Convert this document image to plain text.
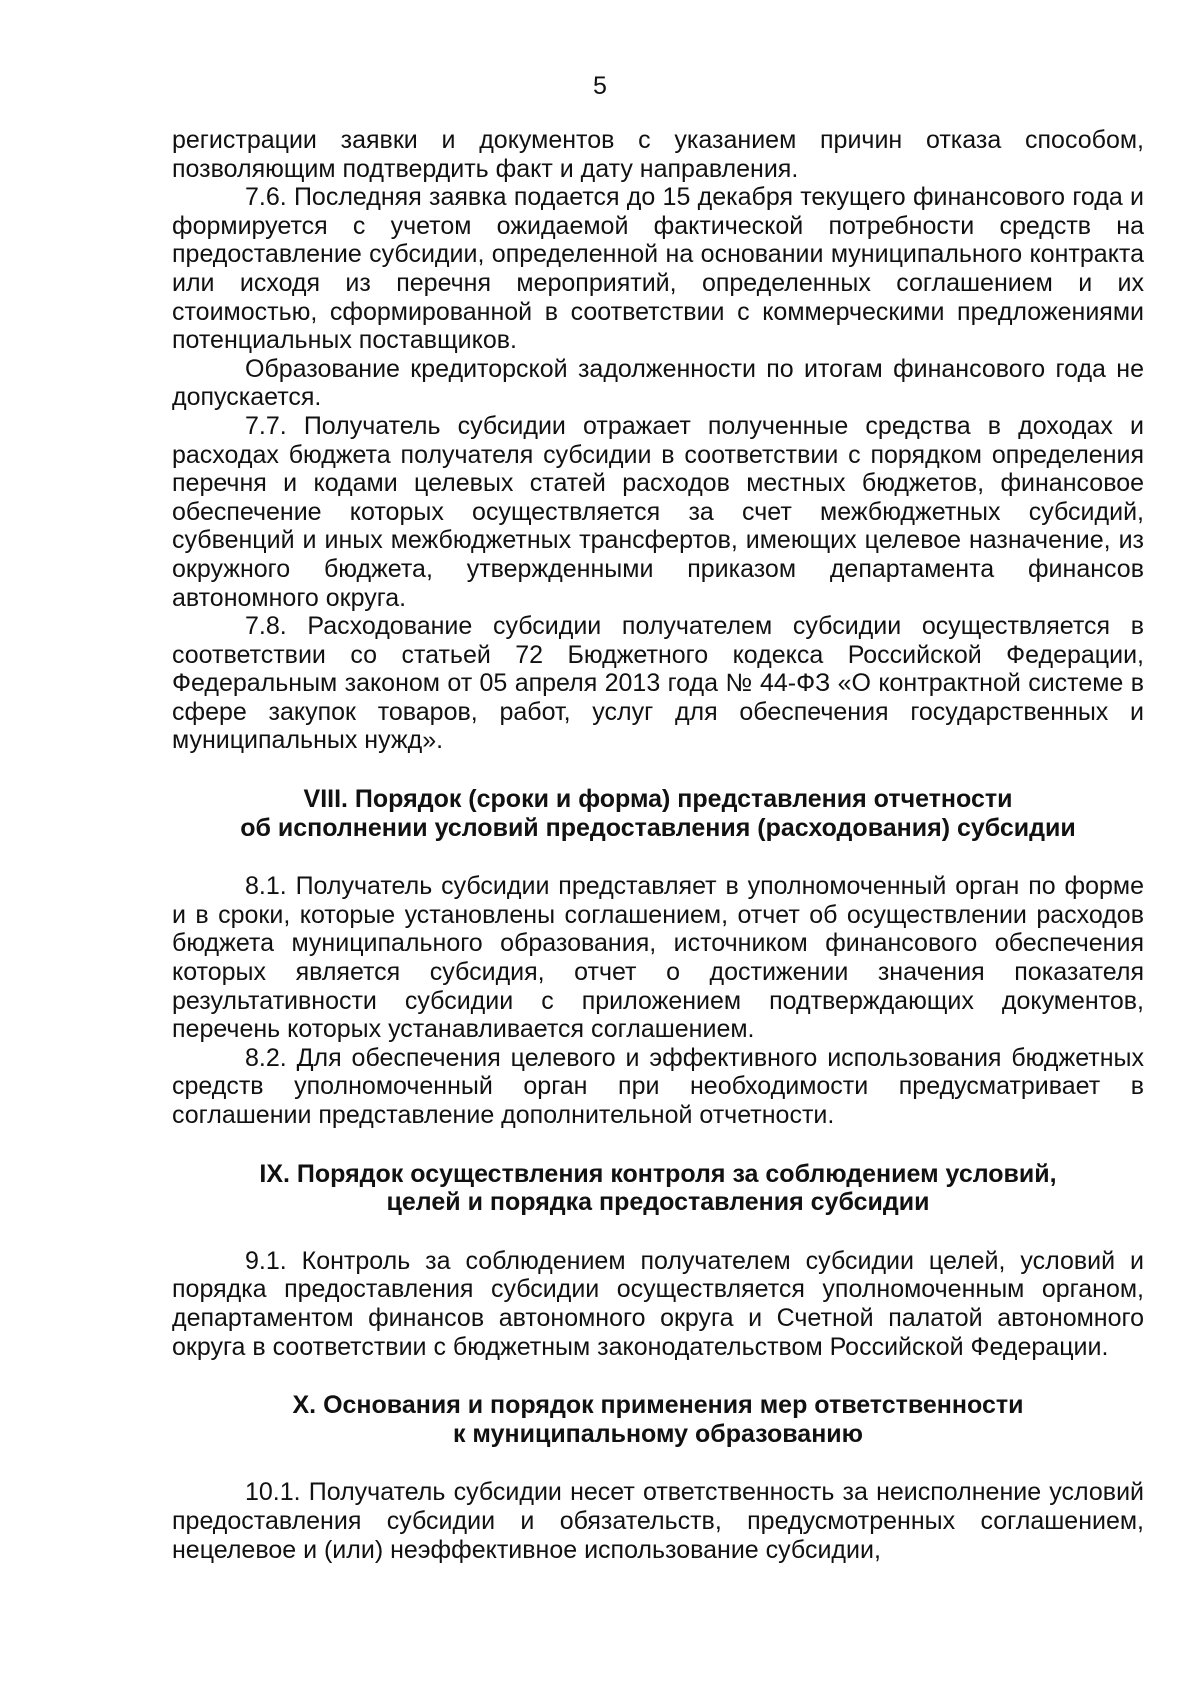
5

регистрации заявки и документов с указанием причин отказа способом, позволяющим подтвердить факт и дату направления.

7.6. Последняя заявка подается до 15 декабря текущего финансового года и формируется с учетом ожидаемой фактической потребности средств на предоставление субсидии, определенной на основании муниципального контракта или исходя из перечня мероприятий, определенных соглашением и их стоимостью, сформированной в соответствии с коммерческими предложениями потенциальных поставщиков.

Образование кредиторской задолженности по итогам финансового года не допускается.

7.7. Получатель субсидии отражает полученные средства в доходах и расходах бюджета получателя субсидии в соответствии с порядком определения перечня и кодами целевых статей расходов местных бюджетов, финансовое обеспечение которых осуществляется за счет межбюджетных субсидий, субвенций и иных межбюджетных трансфертов, имеющих целевое назначение, из окружного бюджета, утвержденными приказом департамента финансов автономного округа.

7.8. Расходование субсидии получателем субсидии осуществляется в соответствии со статьей 72 Бюджетного кодекса Российской Федерации, Федеральным законом от 05 апреля 2013 года № 44-ФЗ «О контрактной системе в сфере закупок товаров, работ, услуг для обеспечения государственных и муниципальных нужд».

VIII. Порядок (сроки и форма) представления отчетности
об исполнении условий предоставления (расходования) субсидии

8.1. Получатель субсидии представляет в уполномоченный орган по форме и в сроки, которые установлены соглашением, отчет об осуществлении расходов бюджета муниципального образования, источником финансового обеспечения которых является субсидия, отчет о достижении значения показателя результативности субсидии с приложением подтверждающих документов, перечень которых устанавливается соглашением.

8.2. Для обеспечения целевого и эффективного использования бюджетных средств уполномоченный орган при необходимости предусматривает в соглашении представление дополнительной отчетности.

IX. Порядок осуществления контроля за соблюдением условий,
целей и порядка предоставления субсидии

9.1. Контроль за соблюдением получателем субсидии целей, условий и порядка предоставления субсидии осуществляется уполномоченным органом, департаментом финансов автономного округа и Счетной палатой автономного округа в соответствии с бюджетным законодательством Российской Федерации.

X. Основания и порядок применения мер ответственности
к муниципальному образованию

10.1. Получатель субсидии несет ответственность за неисполнение условий предоставления субсидии и обязательств, предусмотренных соглашением, нецелевое и (или) неэффективное использование субсидии,
